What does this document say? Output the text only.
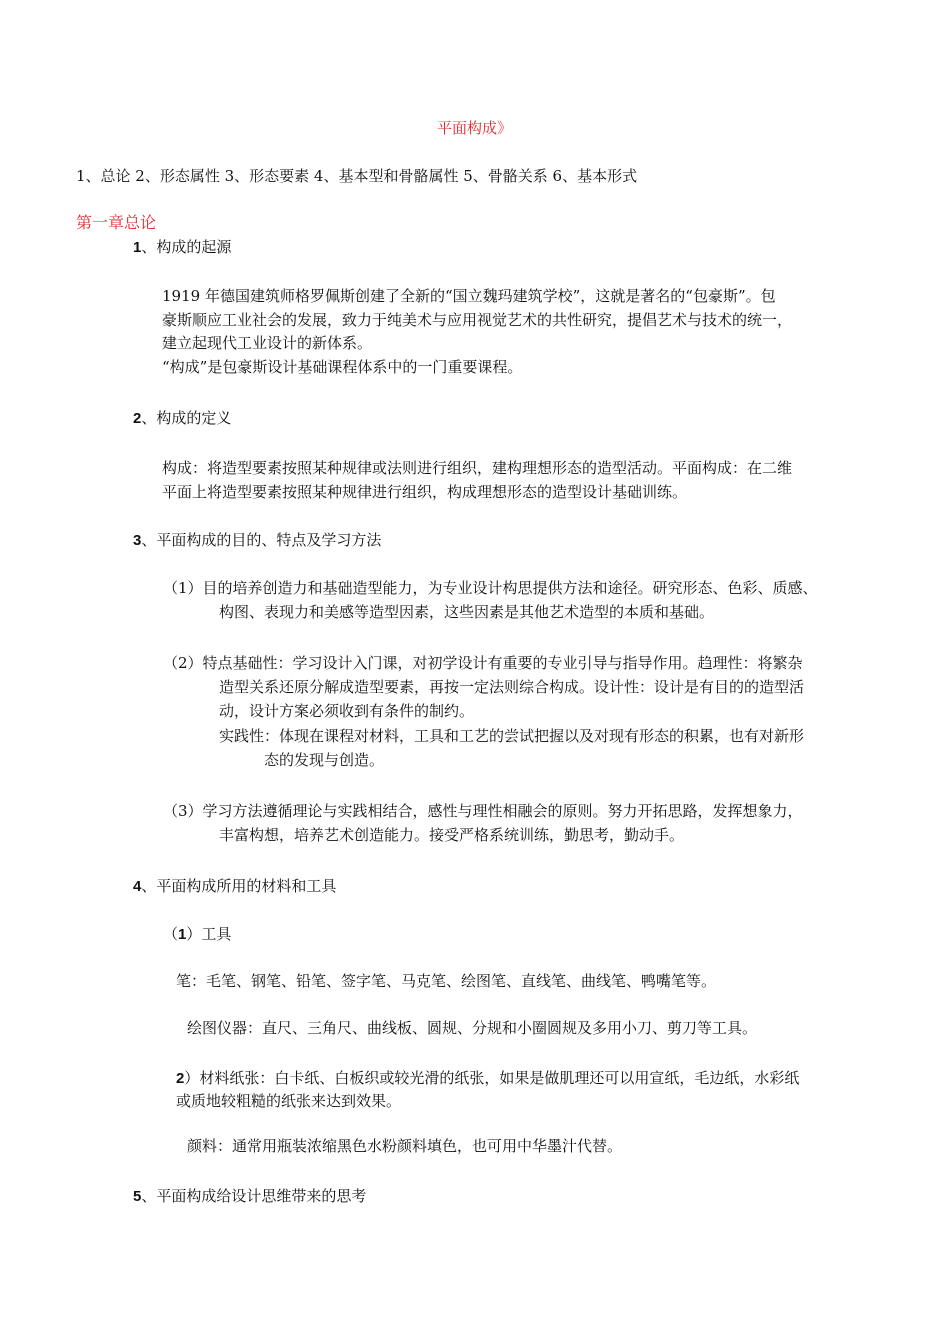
平面构成》
1、总论 2、形态属性 3、形态要素 4、基本型和骨骼属性 5、骨骼关系 6、基本形式
第一章总论
1、构成的起源
1919 年德国建筑师格罗佩斯创建了全新的“国立魏玛建筑学校”，这就是著名的“包豪斯”。包
豪斯顺应工业社会的发展，致力于纯美术与应用视觉艺术的共性研究，提倡艺术与技术的统一，
建立起现代工业设计的新体系。
“构成”是包豪斯设计基础课程体系中的一门重要课程。
2、构成的定义
构成：将造型要素按照某种规律或法则进行组织，建构理想形态的造型活动。平面构成：在二维
平面上将造型要素按照某种规律进行组织，构成理想形态的造型设计基础训练。
3、平面构成的目的、特点及学习方法
（1）目的培养创造力和基础造型能力，为专业设计构思提供方法和途径。研究形态、色彩、质感、
构图、表现力和美感等造型因素，这些因素是其他艺术造型的本质和基础。
（2）特点基础性：学习设计入门课，对初学设计有重要的专业引导与指导作用。趋理性：将繁杂
造型关系还原分解成造型要素，再按一定法则综合构成。设计性：设计是有目的的造型活
动，设计方案必须收到有条件的制约。
实践性：体现在课程对材料，工具和工艺的尝试把握以及对现有形态的积累，也有对新形
态的发现与创造。
（3）学习方法遵循理论与实践相结合，感性与理性相融会的原则。努力开拓思路，发挥想象力，
丰富构想，培养艺术创造能力。接受严格系统训练，勤思考，勤动手。
4、平面构成所用的材料和工具
（1）工具
笔：毛笔、钢笔、铅笔、签字笔、马克笔、绘图笔、直线笔、曲线笔、鸭嘴笔等。
绘图仪器：直尺、三角尺、曲线板、圆规、分规和小圈圆规及多用小刀、剪刀等工具。
2）材料纸张：白卡纸、白板织或较光滑的纸张，如果是做肌理还可以用宣纸，毛边纸，水彩纸
或质地较粗糙的纸张来达到效果。
颜料：通常用瓶装浓缩黑色水粉颜料填色，也可用中华墨汁代替。
5、平面构成给设计思维带来的思考
